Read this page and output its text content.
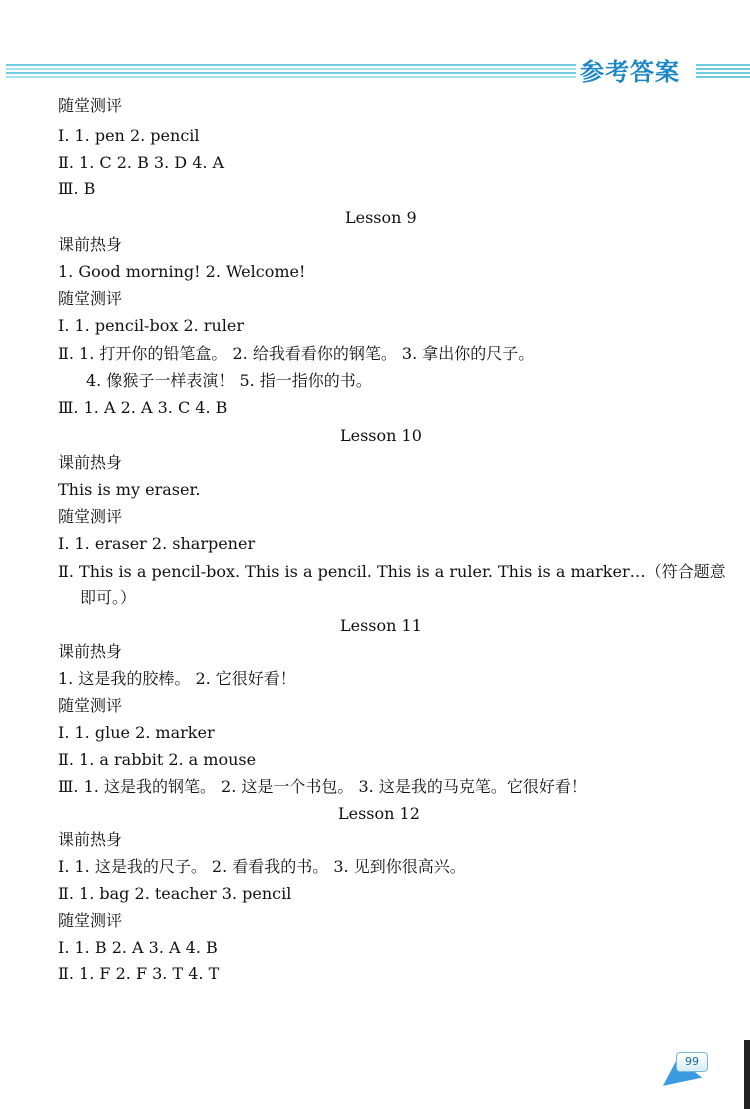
参考答案
随堂测评
Ⅰ. 1. pen 2. pencil
Ⅱ. 1. C 2. B 3. D 4. A
Ⅲ. B
Lesson 9
课前热身
1. Good morning! 2. Welcome!
随堂测评
Ⅰ. 1. pencil-box 2. ruler
Ⅱ. 1. 打开你的铅笔盒。 2. 给我看看你的钢笔。 3. 拿出你的尺子。
4. 像猴子一样表演！ 5. 指一指你的书。
Ⅲ. 1. A 2. A 3. C 4. B
Lesson 10
课前热身
This is my eraser.
随堂测评
Ⅰ. 1. eraser 2. sharpener
Ⅱ. This is a pencil-box. This is a pencil. This is a ruler. This is a marker…（符合题意
即可。）
Lesson 11
课前热身
1. 这是我的胶棒。 2. 它很好看！
随堂测评
Ⅰ. 1. glue 2. marker
Ⅱ. 1. a rabbit 2. a mouse
Ⅲ. 1. 这是我的钢笔。 2. 这是一个书包。 3. 这是我的马克笔。它很好看！
Lesson 12
课前热身
Ⅰ. 1. 这是我的尺子。 2. 看看我的书。 3. 见到你很高兴。
Ⅱ. 1. bag 2. teacher 3. pencil
随堂测评
Ⅰ. 1. B 2. A 3. A 4. B
Ⅱ. 1. F 2. F 3. T 4. T
99
